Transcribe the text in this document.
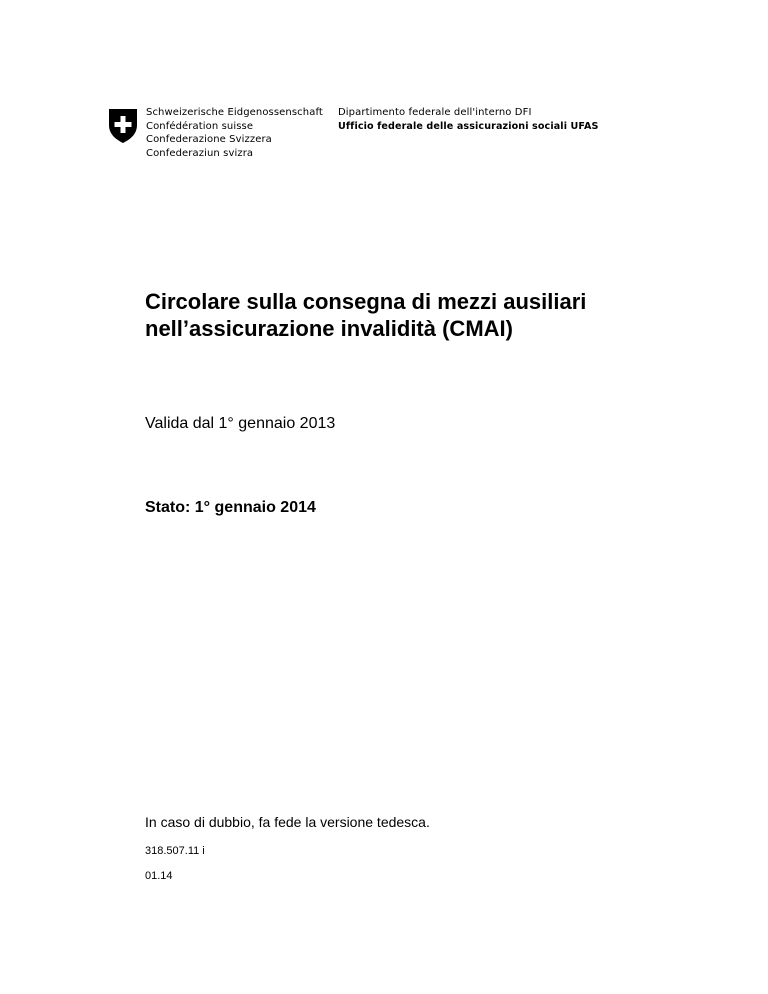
Schweizerische Eidgenossenschaft
Confédération suisse
Confederazione Svizzera
Confederaziun svizra
Dipartimento federale dell'interno DFI
Ufficio federale delle assicurazioni sociali UFAS
Circolare sulla consegna di mezzi ausiliari
nell’assicurazione invalidità (CMAI)
Valida dal 1° gennaio 2013
Stato: 1° gennaio 2014
In caso di dubbio, fa fede la versione tedesca.
318.507.11 i
01.14
